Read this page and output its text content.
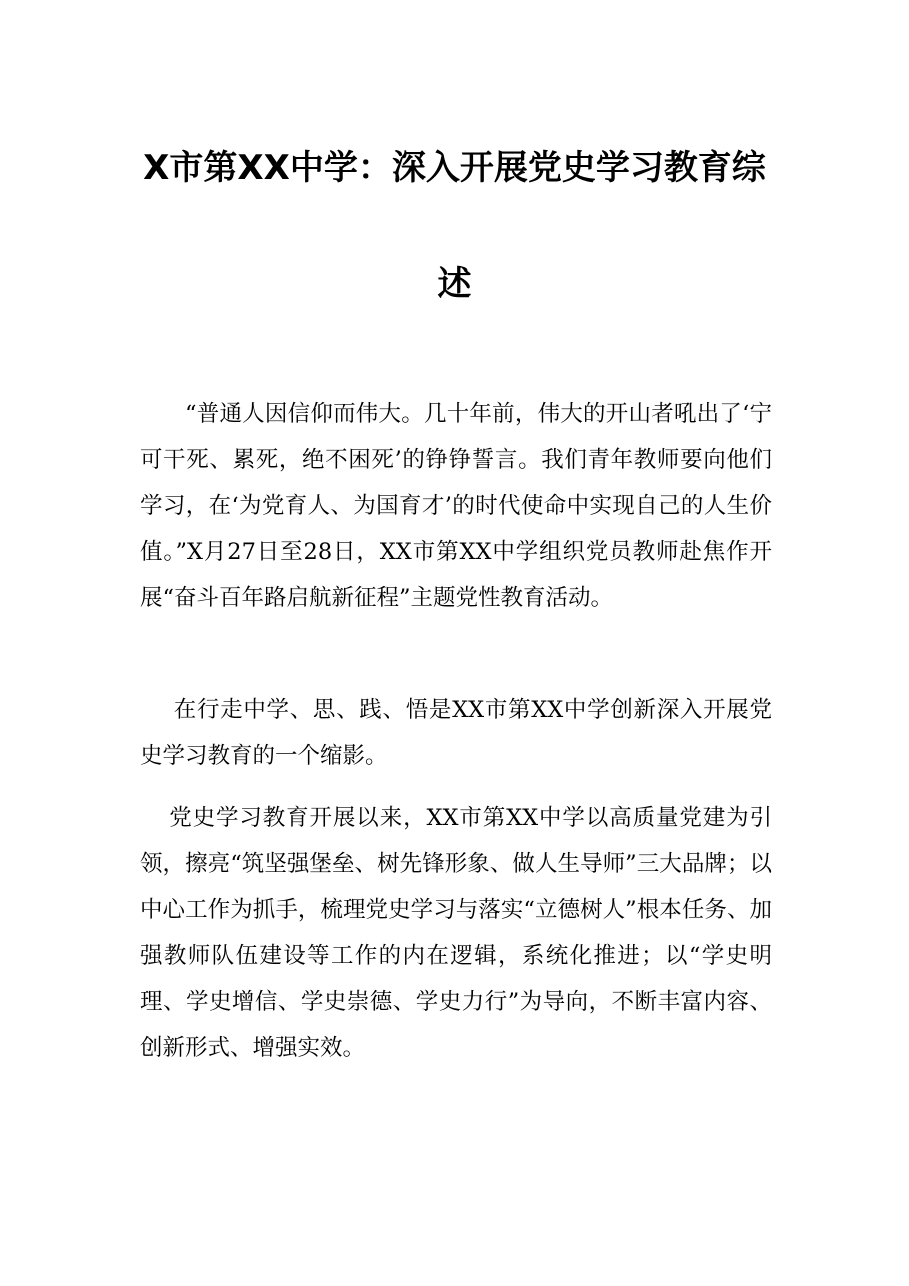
X市第XX中学：深入开展党史学习教育综
述

“普通人因信仰而伟大。几十年前，伟大的开山者吼出了‘宁可干死、累死，绝不困死’的铮铮誓言。我们青年教师要向他们学习，在‘为党育人、为国育才’的时代使命中实现自己的人生价值。”X月27日至28日，XX市第XX中学组织党员教师赴焦作开展“奋斗百年路启航新征程”主题党性教育活动。

在行走中学、思、践、悟是XX市第XX中学创新深入开展党史学习教育的一个缩影。

党史学习教育开展以来，XX市第XX中学以高质量党建为引领，擦亮“筑坚强堡垒、树先锋形象、做人生导师”三大品牌；以中心工作为抓手，梳理党史学习与落实“立德树人”根本任务、加强教师队伍建设等工作的内在逻辑，系统化推进；以“学史明理、学史增信、学史崇德、学史力行”为导向，不断丰富内容、创新形式、增强实效。
